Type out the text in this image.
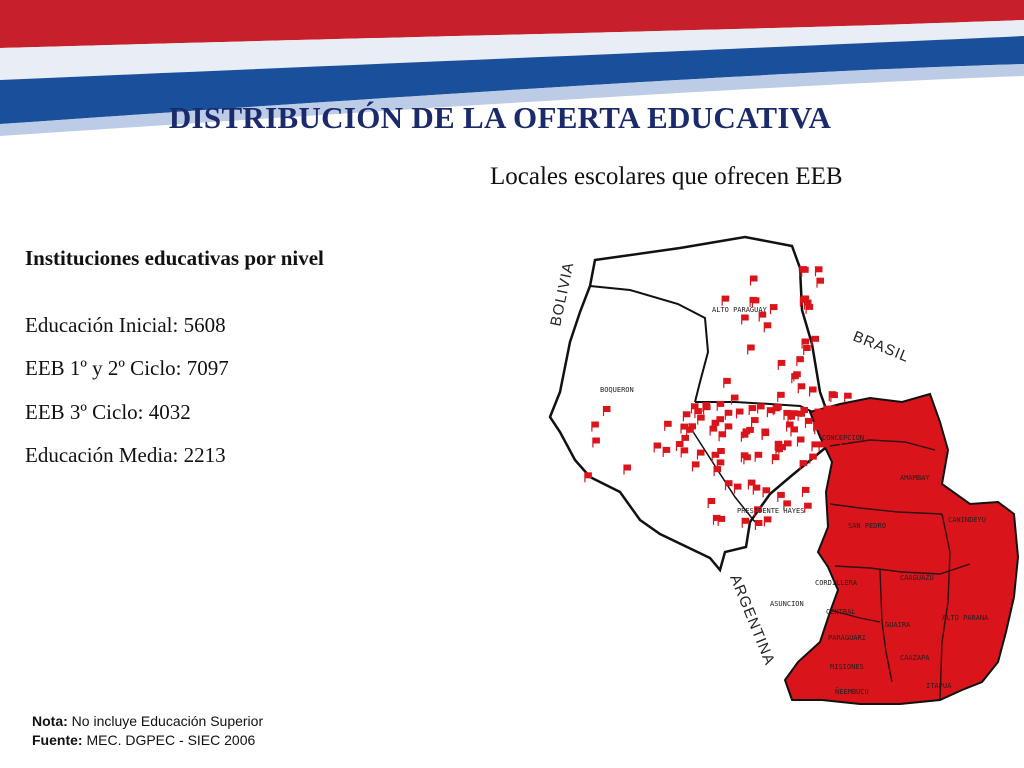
DISTRIBUCIÓN DE LA OFERTA EDUCATIVA
Locales escolares que ofrecen EEB
Instituciones educativas por nivel
Educación Inicial: 5608
EEB 1º y 2º Ciclo: 7097
EEB 3º Ciclo: 4032
Educación Media: 2213
Nota: No incluye Educación Superior
Fuente: MEC. DGPEC - SIEC 2006
ALTO PARAGUAY
BOQUERON
CONCEPCION
AMAMBAY
PRESIDENTE HAYES
SAN PEDRO
CANINDEYU
CORDILLERA
CAAGUAZU
ASUNCION
CENTRAL
GUAIRA
ALTO PARANA
PARAGUARI
CAAZAPA
MISIONES
ITAPUA
ÑEEMBUCU
BOLIVIA
BRASIL
ARGENTINA
